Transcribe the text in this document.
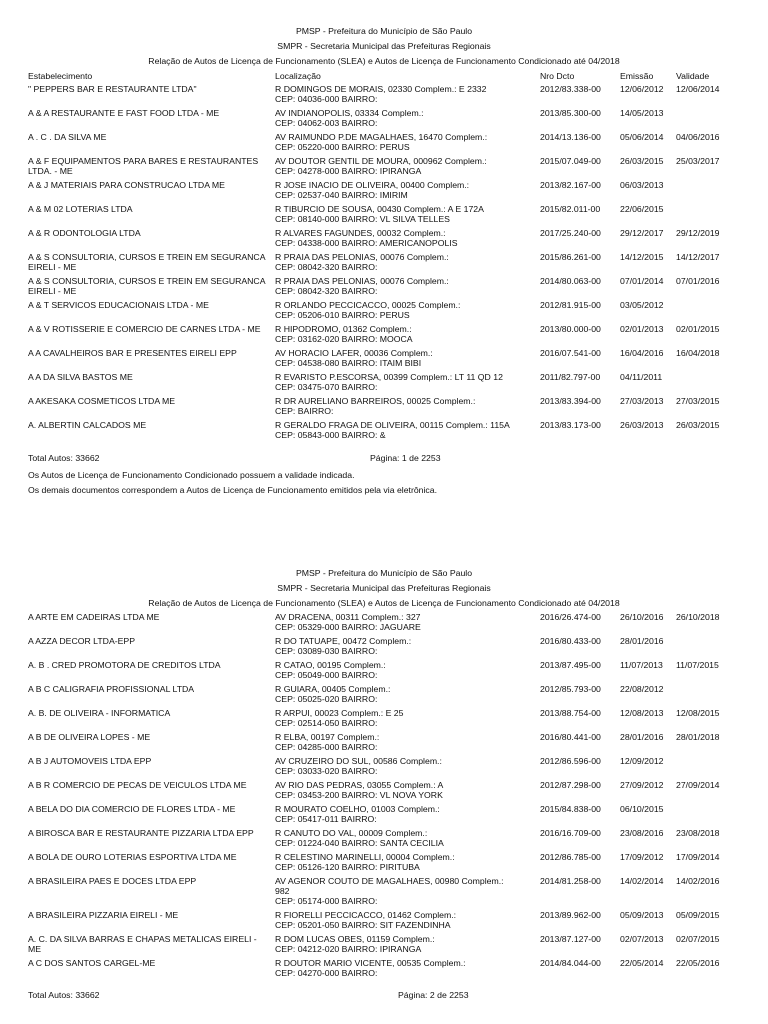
PMSP - Prefeitura do Município de São Paulo
SMPR - Secretaria Municipal das Prefeituras Regionais
Relação de Autos de Licença de Funcionamento (SLEA) e Autos de Licença de Funcionamento Condicionado até 04/2018
Estabelecimento	Localização	Nro Dcto	Emissão	Validade
" PEPPERS BAR E RESTAURANTE LTDA"	R DOMINGOS DE MORAIS, 02330 Complem.: E 2332
CEP: 04036-000 BAIRRO:
2012/83.338-00 12/06/2012 12/06/2014
A & A RESTAURANTE E FAST FOOD LTDA - ME	AV INDIANOPOLIS, 03334 Complem.:
CEP: 04062-003 BAIRRO:
2013/85.300-00 14/05/2013
A . C . DA SILVA ME	AV RAIMUNDO P.DE MAGALHAES, 16470 Complem.:
CEP: 05220-000 BAIRRO: PERUS
2014/13.136-00 05/06/2014 04/06/2016
A & F EQUIPAMENTOS PARA BARES E RESTAURANTES LTDA. - ME
AV DOUTOR GENTIL DE MOURA, 000962 Complem.:
CEP: 04278-000 BAIRRO: IPIRANGA
2015/07.049-00 26/03/2015 25/03/2017
A & J MATERIAIS PARA CONSTRUCAO LTDA ME	R JOSE INACIO DE OLIVEIRA, 00400 Complem.:
CEP: 02537-040 BAIRRO: IMIRIM
2013/82.167-00 06/03/2013
A & M 02 LOTERIAS LTDA	R TIBURCIO DE SOUSA, 00430 Complem.: A E 172A
CEP: 08140-000 BAIRRO: VL SILVA TELLES
2015/82.011-00 22/06/2015
A & R ODONTOLOGIA LTDA	R ALVARES FAGUNDES, 00032 Complem.:
CEP: 04338-000 BAIRRO: AMERICANOPOLIS
2017/25.240-00 29/12/2017 29/12/2019
A & S CONSULTORIA, CURSOS E TREIN EM SEGURANCA EIRELI - ME
R PRAIA DAS PELONIAS, 00076 Complem.:
CEP: 08042-320 BAIRRO:
2015/86.261-00 14/12/2015 14/12/2017
A & S CONSULTORIA, CURSOS E TREIN EM SEGURANCA EIRELI - ME
R PRAIA DAS PELONIAS, 00076 Complem.:
CEP: 08042-320 BAIRRO:
2014/80.063-00 07/01/2014 07/01/2016
A & T SERVICOS EDUCACIONAIS LTDA - ME	R ORLANDO PECCICACCO, 00025 Complem.:
CEP: 05206-010 BAIRRO: PERUS
2012/81.915-00 03/05/2012
A & V ROTISSERIE E COMERCIO DE CARNES LTDA - ME	R HIPODROMO, 01362 Complem.:
CEP: 03162-020 BAIRRO: MOOCA
2013/80.000-00 02/01/2013 02/01/2015
A A CAVALHEIROS BAR E PRESENTES EIRELI EPP	AV HORACIO LAFER, 00036 Complem.:
CEP: 04538-080 BAIRRO: ITAIM BIBI
2016/07.541-00 16/04/2016 16/04/2018
A A DA SILVA BASTOS ME	R EVARISTO P.ESCORSA, 00399 Complem.: LT 11 QD 12
CEP: 03475-070 BAIRRO:
2011/82.797-00 04/11/2011
A AKESAKA COSMETICOS LTDA ME	R DR AURELIANO BARREIROS, 00025 Complem.:
CEP: BAIRRO:
2013/83.394-00 27/03/2013 27/03/2015
A. ALBERTIN CALCADOS ME	R GERALDO FRAGA DE OLIVEIRA, 00115 Complem.: 115A
CEP: 05843-000 BAIRRO: &
2013/83.173-00 26/03/2013 26/03/2015
Total Autos: 33662	Página: 1 de 2253
Os Autos de Licença de Funcionamento Condicionado possuem a validade indicada.
Os demais documentos correspondem a Autos de Licença de Funcionamento emitidos pela via eletrônica.
PMSP - Prefeitura do Município de São Paulo
SMPR - Secretaria Municipal das Prefeituras Regionais
Relação de Autos de Licença de Funcionamento (SLEA) e Autos de Licença de Funcionamento Condicionado até 04/2018
A ARTE EM CADEIRAS LTDA ME	AV DRACENA, 00311 Complem.: 327
CEP: 05329-000 BAIRRO: JAGUARE
2016/26.474-00 26/10/2016 26/10/2018
A AZZA DECOR LTDA-EPP	R DO TATUAPE, 00472 Complem.:
CEP: 03089-030 BAIRRO:
2016/80.433-00 28/01/2016
A. B . CRED PROMOTORA DE CREDITOS LTDA	R CATAO, 00195 Complem.:
CEP: 05049-000 BAIRRO:
2013/87.495-00 11/07/2013 11/07/2015
A B C CALIGRAFIA PROFISSIONAL LTDA	R GUIARA, 00405 Complem.:
CEP: 05025-020 BAIRRO:
2012/85.793-00 22/08/2012
A. B. DE OLIVEIRA - INFORMATICA	R ARPUI, 00023 Complem.: E 25
CEP: 02514-050 BAIRRO:
2013/88.754-00 12/08/2013 12/08/2015
A B DE OLIVEIRA LOPES - ME	R ELBA, 00197 Complem.:
CEP: 04285-000 BAIRRO:
2016/80.441-00 28/01/2016 28/01/2018
A B J AUTOMOVEIS LTDA EPP	AV CRUZEIRO DO SUL, 00586 Complem.:
CEP: 03033-020 BAIRRO:
2012/86.596-00 12/09/2012
A B R COMERCIO DE PECAS DE VEICULOS LTDA ME	AV RIO DAS PEDRAS, 03055 Complem.: A
CEP: 03453-200 BAIRRO: VL NOVA YORK
2012/87.298-00 27/09/2012 27/09/2014
A BELA DO DIA COMERCIO DE FLORES LTDA - ME	R MOURATO COELHO, 01003 Complem.:
CEP: 05417-011 BAIRRO:
2015/84.838-00 06/10/2015
A BIROSCA BAR E RESTAURANTE PIZZARIA LTDA EPP	R CANUTO DO VAL, 00009 Complem.:
CEP: 01224-040 BAIRRO: SANTA CECILIA
2016/16.709-00 23/08/2016 23/08/2018
A BOLA DE OURO LOTERIAS ESPORTIVA LTDA ME	R CELESTINO MARINELLI, 00004 Complem.:
CEP: 05126-120 BAIRRO: PIRITUBA
2012/86.785-00 17/09/2012 17/09/2014
A BRASILEIRA PAES E DOCES LTDA EPP	AV AGENOR COUTO DE MAGALHAES, 00980 Complem.:
982
CEP: 05174-000 BAIRRO:
2014/81.258-00 14/02/2014 14/02/2016
A BRASILEIRA PIZZARIA EIRELI - ME	R FIORELLI PECCICACCO, 01462 Complem.:
CEP: 05201-050 BAIRRO: SIT FAZENDINHA
2013/89.962-00 05/09/2013 05/09/2015
A. C. DA SILVA BARRAS E CHAPAS METALICAS EIRELI - ME
R DOM LUCAS OBES, 01159 Complem.:
CEP: 04212-020 BAIRRO: IPIRANGA
2013/87.127-00 02/07/2013 02/07/2015
A C DOS SANTOS CARGEL-ME	R DOUTOR MARIO VICENTE, 00535 Complem.:
CEP: 04270-000 BAIRRO:
2014/84.044-00 22/05/2014 22/05/2016
Total Autos: 33662	Página: 2 de 2253
